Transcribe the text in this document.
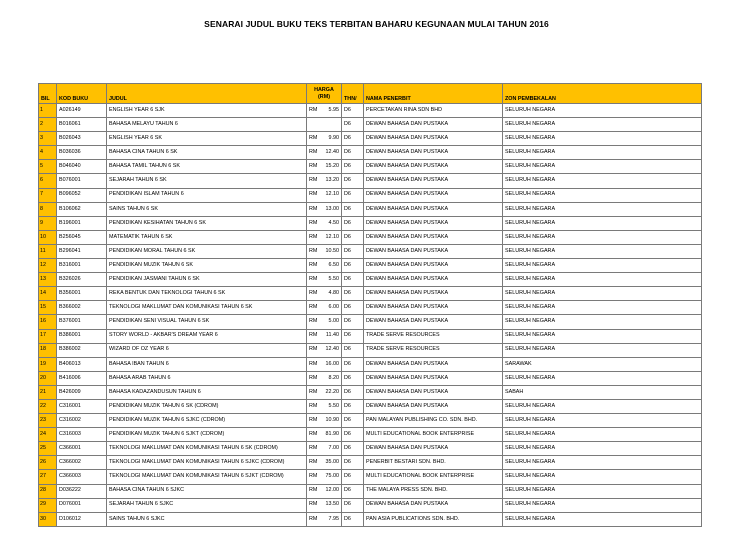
SENARAI JUDUL BUKU TEKS TERBITAN BAHARU KEGUNAAN MULAI TAHUN 2016
BIL	KOD BUKU	JUDUL	HARGA
(RM)		THN/	NAMA PENERBIT	ZON PEMBEKALAN
1	A026149	ENGLISH YEAR 6 SJK	RM	5.95	D6	PERCETAKAN RINA SDN BHD	SELURUH NEGARA
2	B016061	BAHASA MELAYU TAHUN 6			D6	DEWAN BAHASA DAN PUSTAKA	SELURUH NEGARA
3	B026043	ENGLISH YEAR 6 SK	RM	9.90	D6	DEWAN BAHASA DAN PUSTAKA	SELURUH NEGARA
4	B036036	BAHASA CINA TAHUN 6 SK	RM	12.40	D6	DEWAN BAHASA DAN PUSTAKA	SELURUH NEGARA
5	B046040	BAHASA TAMIL TAHUN 6 SK	RM	15.20	D6	DEWAN BAHASA DAN PUSTAKA	SELURUH NEGARA
6	B076001	SEJARAH TAHUN 6 SK	RM	13.20	D6	DEWAN BAHASA DAN PUSTAKA	SELURUH NEGARA
7	B096052	PENDIDIKAN ISLAM TAHUN 6	RM	12.10	D6	DEWAN BAHASA DAN PUSTAKA	SELURUH NEGARA
8	B106062	SAINS TAHUN 6 SK	RM	13.00	D6	DEWAN BAHASA DAN PUSTAKA	SELURUH NEGARA
9	B196001	PENDIDIKAN KESIHATAN TAHUN 6 SK	RM	4.50	D6	DEWAN BAHASA DAN PUSTAKA	SELURUH NEGARA
10	B256045	MATEMATIK TAHUN 6 SK	RM	12.10	D6	DEWAN BAHASA DAN PUSTAKA	SELURUH NEGARA
11	B296041	PENDIDIKAN MORAL TAHUN 6 SK	RM	10.50	D6	DEWAN BAHASA DAN PUSTAKA	SELURUH NEGARA
12	B316001	PENDIDIKAN MUZIK TAHUN 6 SK	RM	6.50	D6	DEWAN BAHASA DAN PUSTAKA	SELURUH NEGARA
13	B326026	PENDIDIKAN JASMANI TAHUN 6 SK	RM	5.50	D6	DEWAN BAHASA DAN PUSTAKA	SELURUH NEGARA
14	B356001	REKA BENTUK DAN TEKNOLOGI TAHUN 6 SK	RM	4.80	D6	DEWAN BAHASA DAN PUSTAKA	SELURUH NEGARA
15	B366002	TEKNOLOGI MAKLUMAT DAN KOMUNIKASI TAHUN 6 SK	RM	6.00	D6	DEWAN BAHASA DAN PUSTAKA	SELURUH NEGARA
16	B376001	PENDIDIKAN SENI VISUAL TAHUN 6 SK	RM	5.00	D6	DEWAN BAHASA DAN PUSTAKA	SELURUH NEGARA
17	B386001	STORY WORLD - AKBAR'S DREAM YEAR 6	RM	11.40	D6	TRADE SERVE RESOURCES	SELURUH NEGARA
18	B386002	WIZARD OF OZ YEAR 6	RM	12.40	D6	TRADE SERVE RESOURCES	SELURUH NEGARA
19	B406013	BAHASA IBAN TAHUN 6	RM	16.00	D6	DEWAN BAHASA DAN PUSTAKA	SARAWAK
20	B416006	BAHASA ARAB TAHUN 6	RM	8.20	D6	DEWAN BAHASA DAN PUSTAKA	SELURUH NEGARA
21	B426009	BAHASA KADAZANDUSUN TAHUN 6	RM	22.20	D6	DEWAN BAHASA DAN PUSTAKA	SABAH
22	C316001	PENDIDIKAN MUZIK TAHUN 6 SK (CDROM)	RM	5.50	D6	DEWAN BAHASA DAN PUSTAKA	SELURUH NEGARA
23	C316002	PENDIDIKAN MUZIK TAHUN 6 SJKC (CDROM)	RM	10.90	D6	PAN MALAYAN PUBLISHING CO. SDN. BHD.	SELURUH NEGARA
24	C316003	PENDIDIKAN MUZIK TAHUN 6 SJKT (CDROM)	RM	81.90	D6	MULTI EDUCATIONAL BOOK ENTERPRISE	SELURUH NEGARA
25	C366001	TEKNOLOGI MAKLUMAT DAN KOMUNIKASI TAHUN 6 SK (CDROM)	RM	7.00	D6	DEWAN BAHASA DAN PUSTAKA	SELURUH NEGARA
26	C366002	TEKNOLOGI MAKLUMAT DAN KOMUNIKASI TAHUN 6 SJKC (CDROM)	RM	35.00	D6	PENERBIT BESTARI SDN. BHD.	SELURUH NEGARA
27	C366003	TEKNOLOGI MAKLUMAT DAN KOMUNIKASI TAHUN 6 SJKT (CDROM)	RM	75.00	D6	MULTI EDUCATIONAL BOOK ENTERPRISE	SELURUH NEGARA
28	D036222	BAHASA CINA TAHUN 6 SJKC	RM	12.00	D6	THE MALAYA PRESS SDN. BHD.	SELURUH NEGARA
29	D076001	SEJARAH TAHUN 6 SJKC	RM	13.50	D6	DEWAN BAHASA DAN PUSTAKA	SELURUH NEGARA
30	D106012	SAINS TAHUN 6 SJKC	RM	7.95	D6	PAN ASIA PUBLICATIONS SDN. BHD.	SELURUH NEGARA
